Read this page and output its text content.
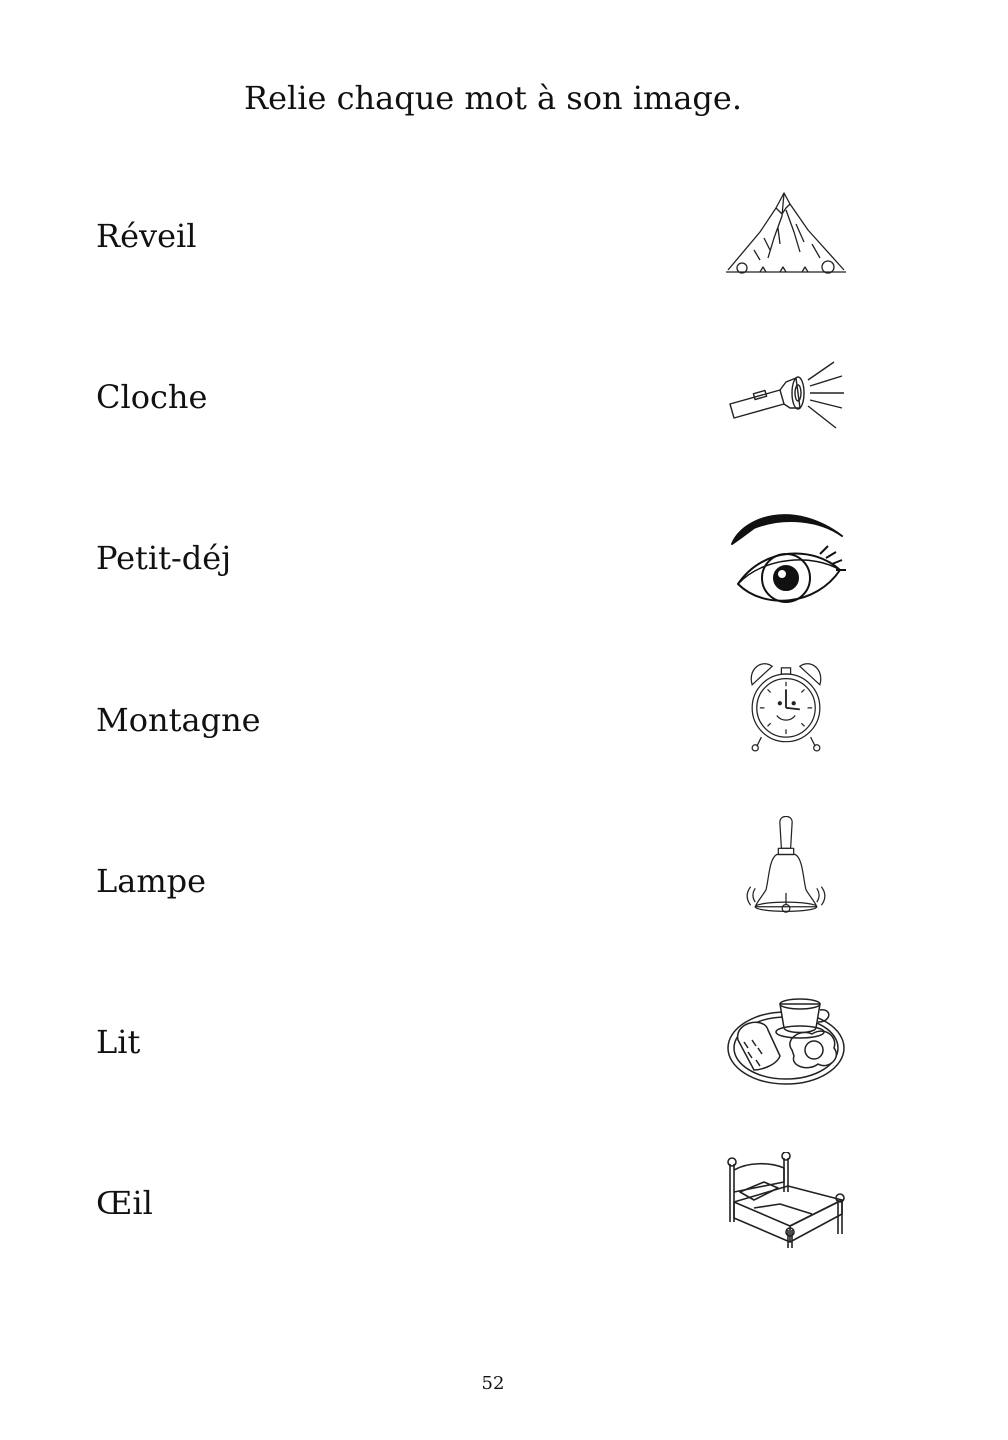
Relie chaque mot à son image.
Réveil
Cloche
Petit-déj
Montagne
Lampe
Lit
Œil
52
